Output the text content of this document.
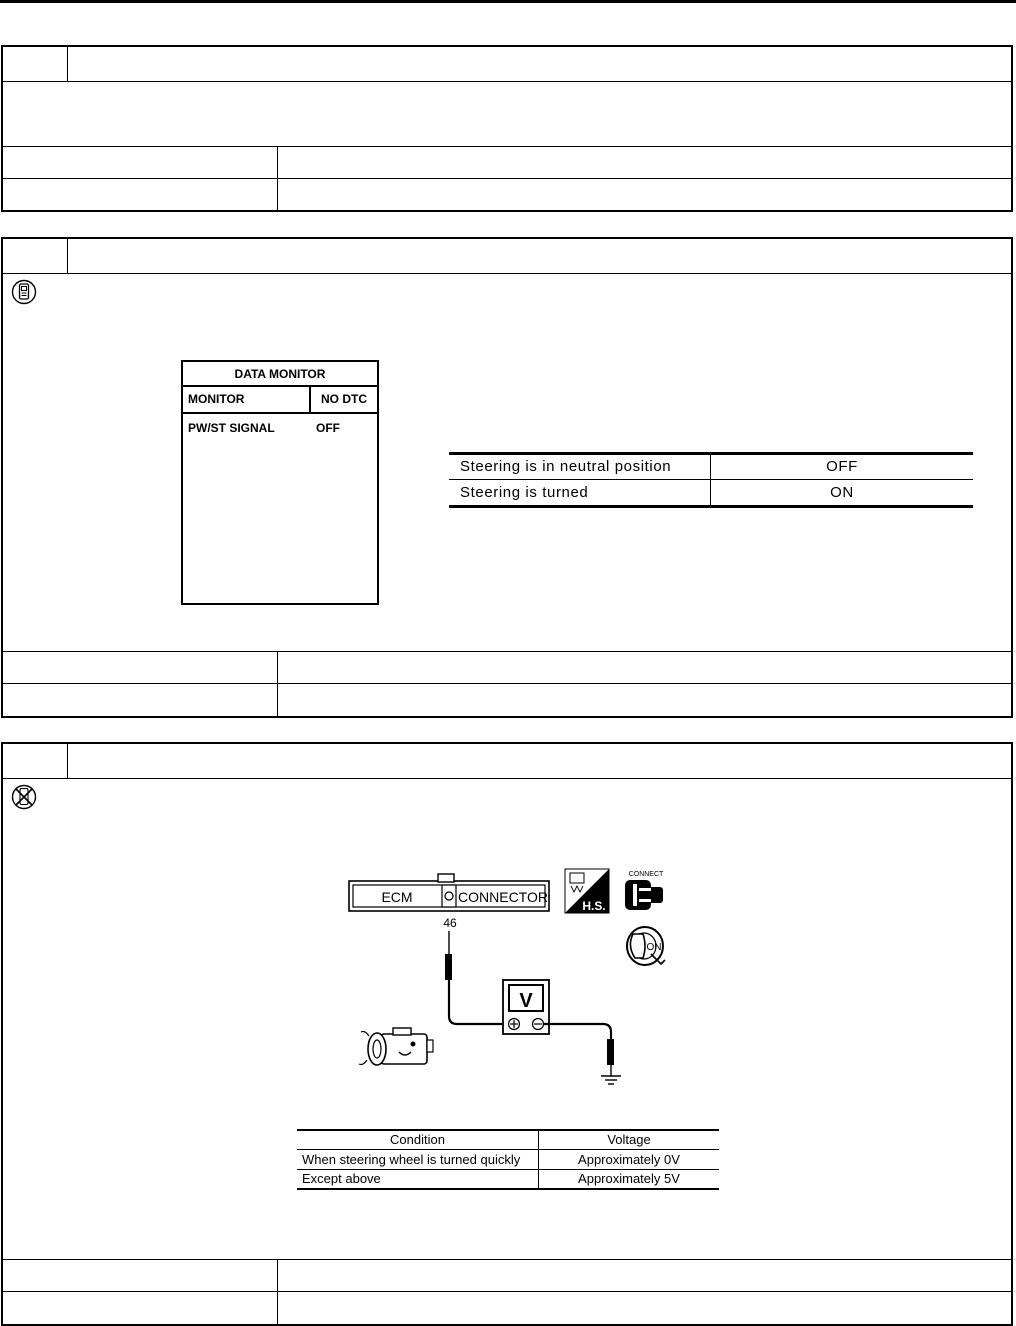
DATA MONITOR
MONITOR	NO DTC
PW/ST SIGNAL	OFF
Steering is in neutral position	OFF
Steering is turned	ON
ECM	CONNECTOR
46
V
H.S.
CONNECT
ON
Condition	Voltage
When steering wheel is turned quickly	Approximately 0V
Except above	Approximately 5V
